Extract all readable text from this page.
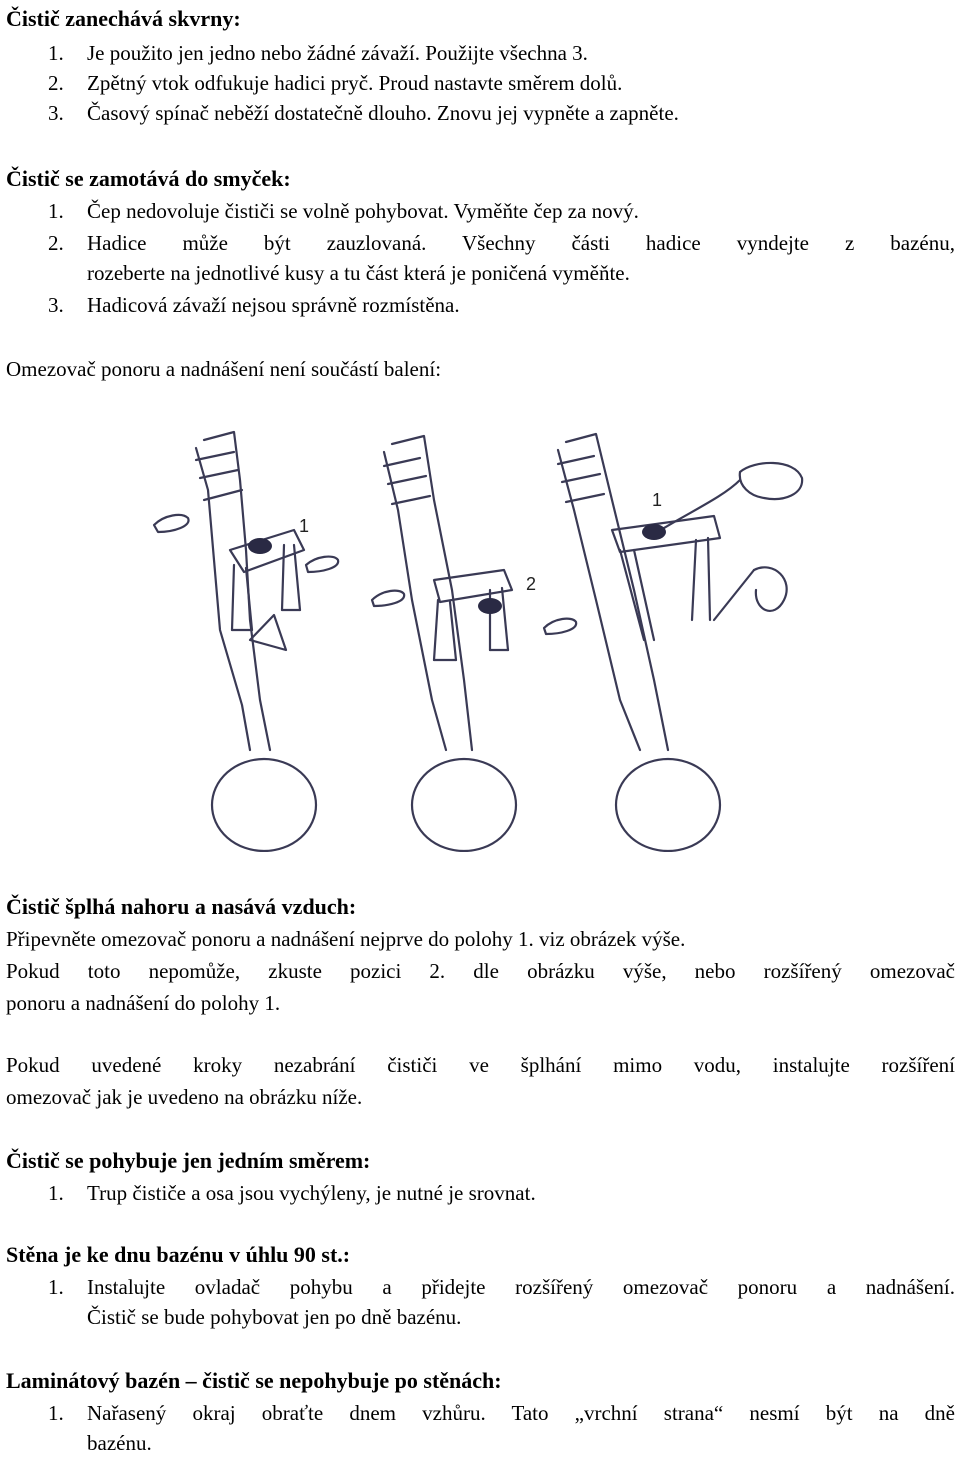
Čistič zanechává skvrny:
1. Je použito jen jedno nebo žádné závaží. Použijte všechna 3.
2. Zpětný vtok odfukuje hadici pryč. Proud nastavte směrem dolů.
3. Časový spínač neběží dostatečně dlouho. Znovu jej vypněte a zapněte.
Čistič se zamotává do smyček:
1. Čep nedovoluje čističi se volně pohybovat. Vyměňte čep za nový.
2. Hadice může být zauzlovaná. Všechny části hadice vyndejte z bazénu,
rozeberte na jednotlivé kusy a tu část která je poničená vyměňte.
3. Hadicová závaží nejsou správně rozmístěna.
Omezovač ponoru a nadnášení není součástí balení:
1
2
1
Čistič šplhá nahoru a nasává vzduch:
Připevněte omezovač ponoru a nadnášení nejprve do polohy 1. viz obrázek výše.
Pokud toto nepomůže, zkuste pozici 2. dle obrázku výše, nebo rozšířený omezovač
ponoru a nadnášení do polohy 1.
Pokud uvedené kroky nezabrání čističi ve šplhání mimo vodu, instalujte rozšíření
omezovač jak je uvedeno na obrázku níže.
Čistič se pohybuje jen jedním směrem:
1. Trup čističe a osa jsou vychýleny, je nutné je srovnat.
Stěna je ke dnu bazénu v úhlu 90 st.:
1. Instalujte ovladač pohybu a přidejte rozšířený omezovač ponoru a nadnášení.
Čistič se bude pohybovat jen po dně bazénu.
Laminátový bazén – čistič se nepohybuje po stěnách:
1. Nařasený okraj obraťte dnem vzhůru. Tato „vrchní strana“ nesmí být na dně
bazénu.
